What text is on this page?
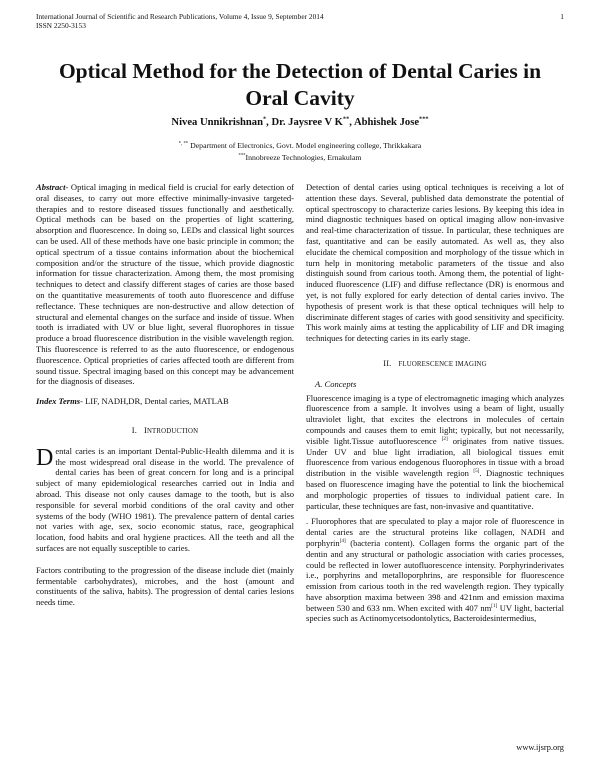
International Journal of Scientific and Research Publications, Volume 4, Issue 9, September 2014
ISSN 2250-3153
1
Optical Method for the Detection of Dental Caries in Oral Cavity
Nivea Unnikrishnan*, Dr. Jaysree V K**, Abhishek Jose***
*, ** Department of Electronics, Govt. Model engineering college, Thrikkakara
***Innobreeze Technologies, Ernakulam

Abstract- Optical imaging in medical field is crucial for early detection of oral diseases, to carry out more effective minimally-invasive targeted-therapies and to restore diseased tissues functionally and aesthetically. Optical methods can be based on the properties of light scattering, absorption and fluorescence. In doing so, LEDs and classical light sources can be used. All of these methods have one basic principle in common; the optical spectrum of a tissue contains information about the biochemical composition and/or the structure of the tissue, which provide diagnostic information for tissue characterization. Among them, the most promising techniques to detect and classify different stages of caries are those based on the quantitative measurements of tooth auto fluorescence and diffuse reflectance. These techniques are non-destructive and allow detection of structural and elemental changes on the surface and inside of tissue. When tooth is irradiated with UV or blue light, several fluorophores in tissue produce a broad fluorescence distribution in the visible wavelength region. This fluorescence is referred to as the auto fluorescence, or endogenous fluorescence. Optical proprieties of caries affected tooth are different from sound tissue. Spectral imaging based on this concept may be advancement for the diagnosis of diseases.

Index Terms- LIF, NADH,DR, Dental caries, MATLAB

I. INTRODUCTION

Dental caries is an important Dental-Public-Health dilemma and it is the most widespread oral disease in the world. The prevalence of dental caries has been of great concern for long and is a principal subject of many epidemiological researches carried out in India and abroad. This disease not only causes damage to the tooth, but is also responsible for several morbid conditions of the oral cavity and other systems of the body (WHO 1981). The prevalence pattern of dental caries not varies with age, sex, socio economic status, race, geographical location, food habits and oral hygiene practices. All the teeth and all the surfaces are not equally susceptible to caries.

Factors contributing to the progression of the disease include diet (mainly fermentable carbohydrates), microbes, and the host (amount and constituents of the saliva, habits). The progression of dental caries lesions needs time.

Detection of dental caries using optical techniques is receiving a lot of attention these days. Several, published data demonstrate the potential of optical spectroscopy to characterize caries lesions. By keeping this idea in mind diagnostic techniques based on optical imaging allow non-invasive and real-time characterization of tissue. In particular, these techniques are fast, quantitative and can be easily automated. As well as, they also elucidate the chemical composition and morphology of the tissue which in turn help in monitoring metabolic parameters of the tissue and also distinguish sound from carious tooth. Among them, the potential of light-induced fluorescence (LIF) and diffuse reflectance (DR) is enormous and yet, is not fully explored for early detection of dental caries invivo. The hypothesis of present work is that these optical techniques will help to discriminate different stages of caries with good sensitivity and specificity. This work mainly aims at testing the applicability of LIF and DR imaging techniques for detecting caries in its early stage.

II. FLUORESCENCE IMAGING
A. Concepts

Fluorescence imaging is a type of electromagnetic imaging which analyzes fluorescence from a sample. It involves using a beam of light, usually ultraviolet light, that excites the electrons in molecules of certain compounds and causes them to emit light; typically, but not necessarily, visible light.Tissue autofluorescence [2] originates from native tissues. Under UV and blue light irradiation, all biological tissues emit fluorescence from various endogenous fluorophores in tissue with a broad distribution in the visible wavelength region [5]. Diagnostic techniques based on fluorescence imaging have the potential to link the biochemical and morphologic properties of tissues to individual patient care. In particular, these techniques are fast, non-invasive and quantitative.

. Fluorophores that are speculated to play a major role of fluorescence in dental caries are the structural proteins like collagen, NADH and porphyrin[4] (bacteria content). Collagen forms the organic part of the dentin and any structural or pathologic association with caries processes, could be reflected in lower autofluorescence intensity. Porphyrinderivates i.e., porphyrins and metalloporphrins, are responsible for fluorescence emission from carious tooth in the red wavelength region. They typically have absorption maxima between 398 and 421nm and emission maxima between 530 and 633 nm. When excited with 407 nm[1] UV light, bacterial species such as Actinomycetsodontolytics, Bacteroidesintermedius,

www.ijsrp.org
